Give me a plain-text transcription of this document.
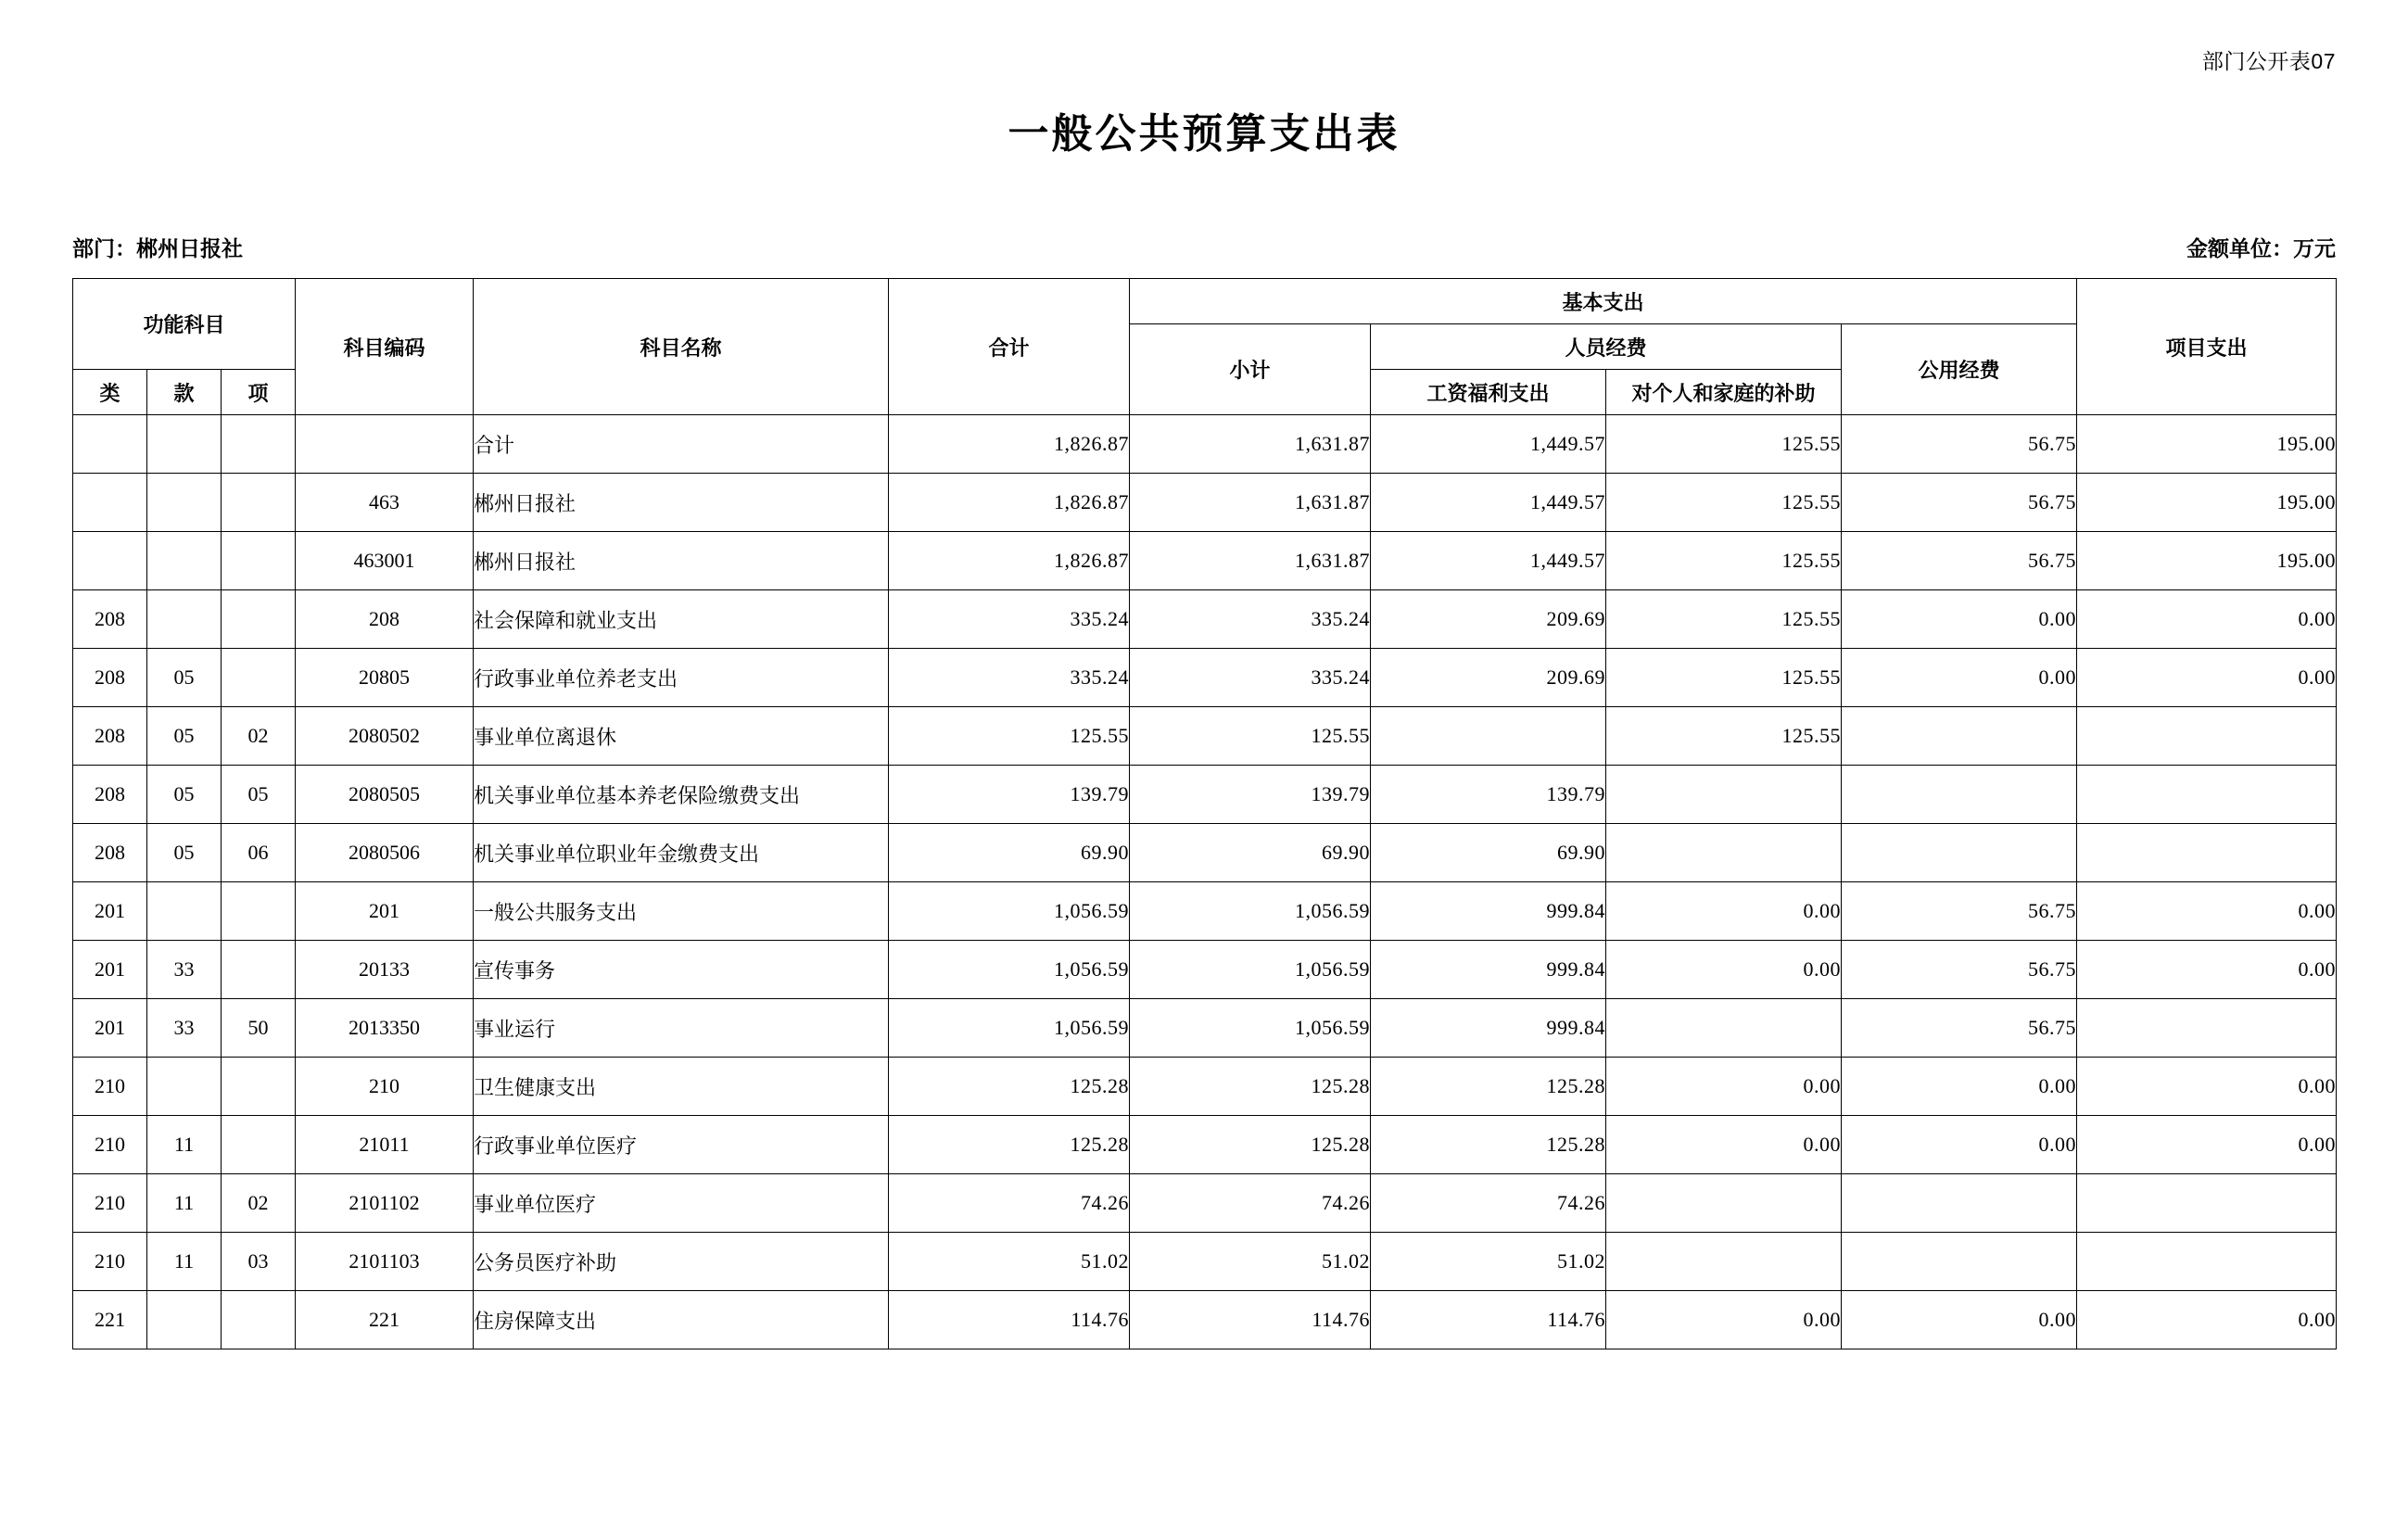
部门公开表07
一般公共预算支出表
部门：郴州日报社	金额单位：万元
功能科目			科目编码	科目名称	合计	基本支出				项目支出
						小计	人员经费		公用经费	
类	款	项					工资福利支出	对个人和家庭的补助		
				合计	1,826.87	1,631.87	1,449.57	125.55	56.75	195.00
			463	郴州日报社	1,826.87	1,631.87	1,449.57	125.55	56.75	195.00
			463001	郴州日报社	1,826.87	1,631.87	1,449.57	125.55	56.75	195.00
208			208	社会保障和就业支出	335.24	335.24	209.69	125.55	0.00	0.00
208	05		20805	行政事业单位养老支出	335.24	335.24	209.69	125.55	0.00	0.00
208	05	02	2080502	事业单位离退休	125.55	125.55		125.55		
208	05	05	2080505	机关事业单位基本养老保险缴费支出	139.79	139.79	139.79			
208	05	06	2080506	机关事业单位职业年金缴费支出	69.90	69.90	69.90			
201			201	一般公共服务支出	1,056.59	1,056.59	999.84	0.00	56.75	0.00
201	33		20133	宣传事务	1,056.59	1,056.59	999.84	0.00	56.75	0.00
201	33	50	2013350	事业运行	1,056.59	1,056.59	999.84		56.75	
210			210	卫生健康支出	125.28	125.28	125.28	0.00	0.00	0.00
210	11		21011	行政事业单位医疗	125.28	125.28	125.28	0.00	0.00	0.00
210	11	02	2101102	事业单位医疗	74.26	74.26	74.26			
210	11	03	2101103	公务员医疗补助	51.02	51.02	51.02			
221			221	住房保障支出	114.76	114.76	114.76	0.00	0.00	0.00
